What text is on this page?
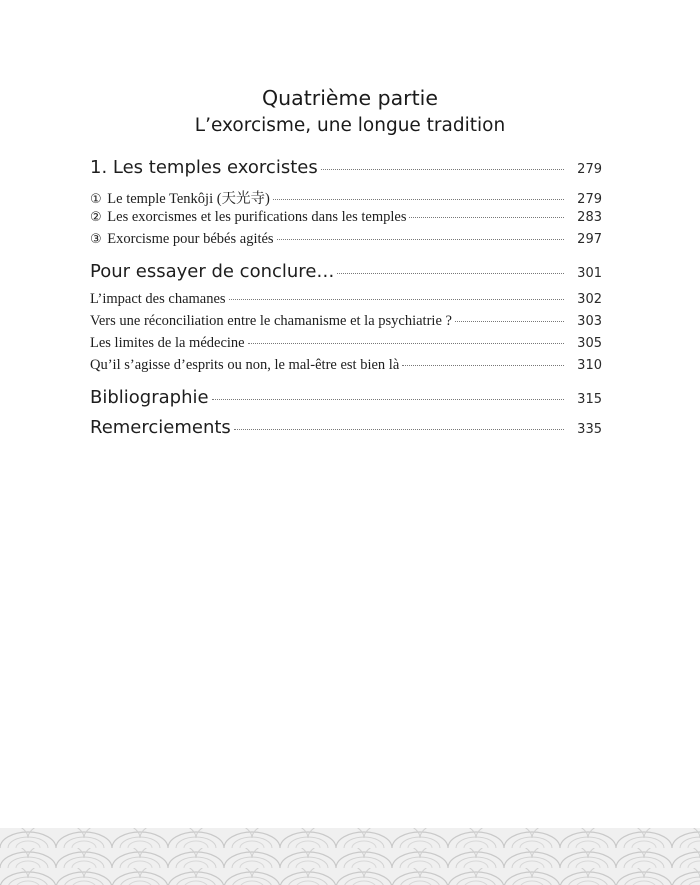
Quatrième partie
L’exorcisme, une longue tradition
1. Les temples exorcistes	279
① Le temple Tenkôji (天光寺)	279
② Les exorcismes et les purifications dans les temples	283
③ Exorcisme pour bébés agités	297
Pour essayer de conclure…	301
L’impact des chamanes	302
Vers une réconciliation entre le chamanisme et la psychiatrie ?	303
Les limites de la médecine	305
Qu’il s’agisse d’esprits ou non, le mal-être est bien là	310
Bibliographie	315
Remerciements	335
